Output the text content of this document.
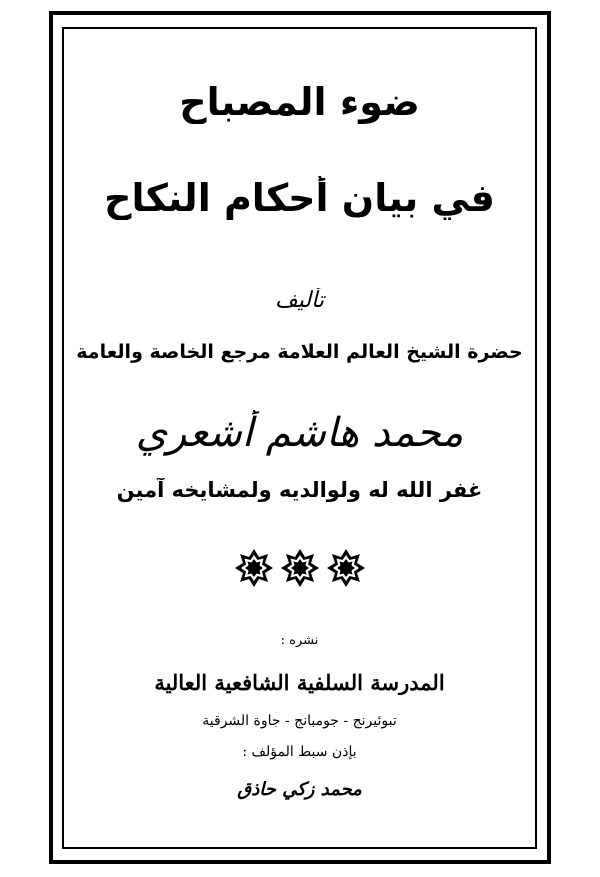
ضوء المصباح
في بيان أحكام النكاح
تأليف
حضرة الشيخ العالم العلامة مرجع الخاصة والعامة
محمد هاشم أشعري
غفر الله له ولوالديه ولمشايخه آمين
نشره :
المدرسة السلفية الشافعية العالية
تبوئيرنج - جومبانج - جاوة الشرقية
بإذن سبط المؤلف :
محمد زكي حاذق
